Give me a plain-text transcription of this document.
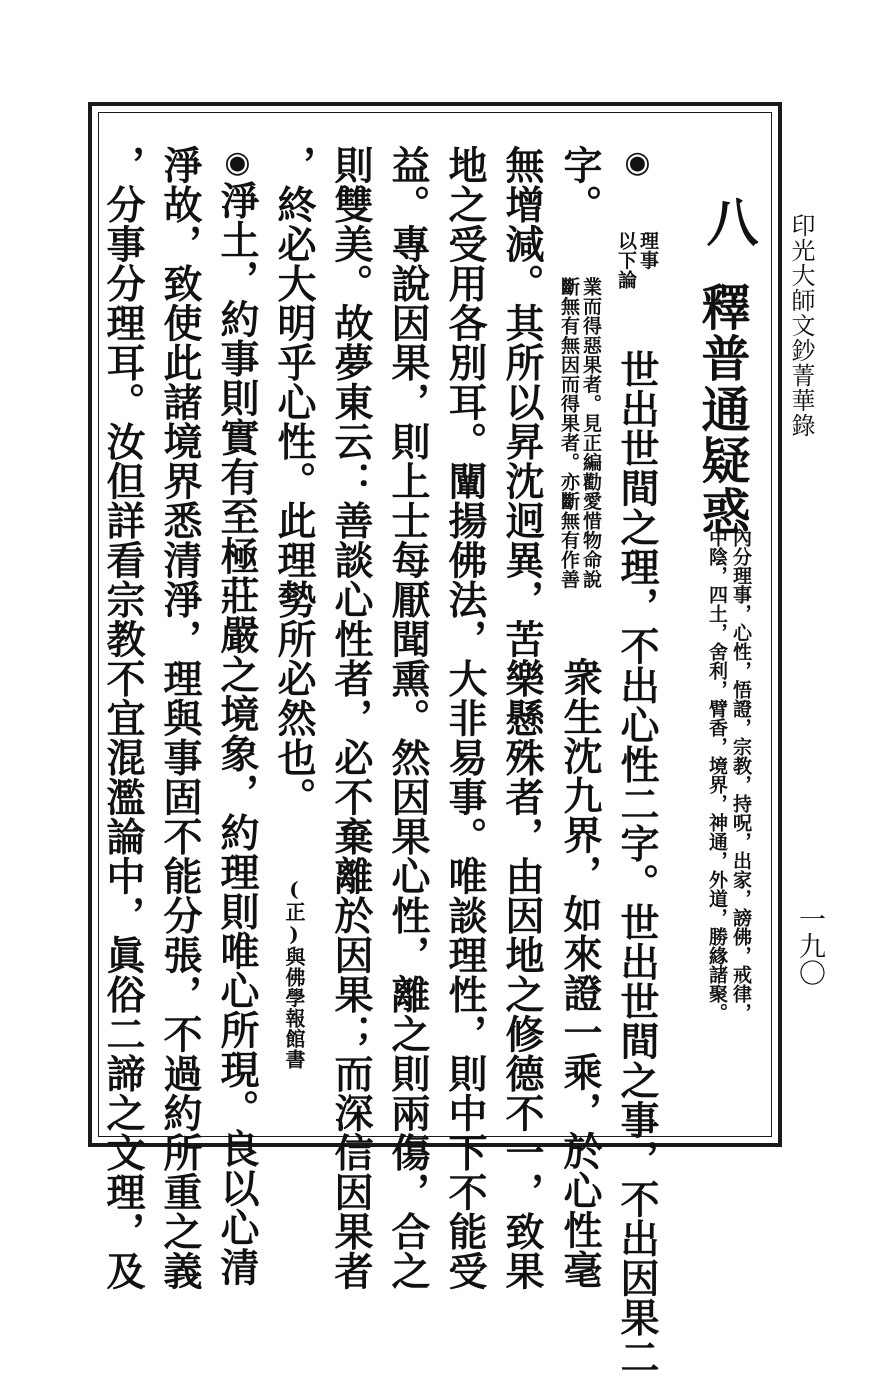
印光大師文鈔菁華錄
一九〇
八
釋普通疑惑
內分理事，心性，悟證，宗教，持呪，出家，謗佛，戒律，
中陰，四土，舍利，臂香，境界，神通，外道，勝緣諸聚。
◉
以下論 理事
世出世間之理，不出心性二字。世出世間之事，不出因果二
字。
斷無有無因而得果者。亦斷無有作善 業而得惡果者。見正編勸愛惜物命說
衆生沈九界，如來證一乘，於心性毫
無增減。其所以昇沈迥異，苦樂懸殊者，由因地之修德不一，致果
地之受用各別耳。闡揚佛法，大非易事。唯談理性，則中下不能受
益。專說因果，則上士每厭聞熏。然因果心性，離之則兩傷，合之
則雙美。故夢東云：善談心性者，必不棄離於因果；而深信因果者
，終必大明乎心性。此理勢所必然也。 (正)與佛學報館書
◉淨土，約事則實有至極莊嚴之境象，約理則唯心所現。良以心清
淨故，致使此諸境界悉清淨，理與事固不能分張，不過約所重之義
，分事分理耳。汝但詳看宗教不宜混濫論中，眞俗二諦之文理，及
